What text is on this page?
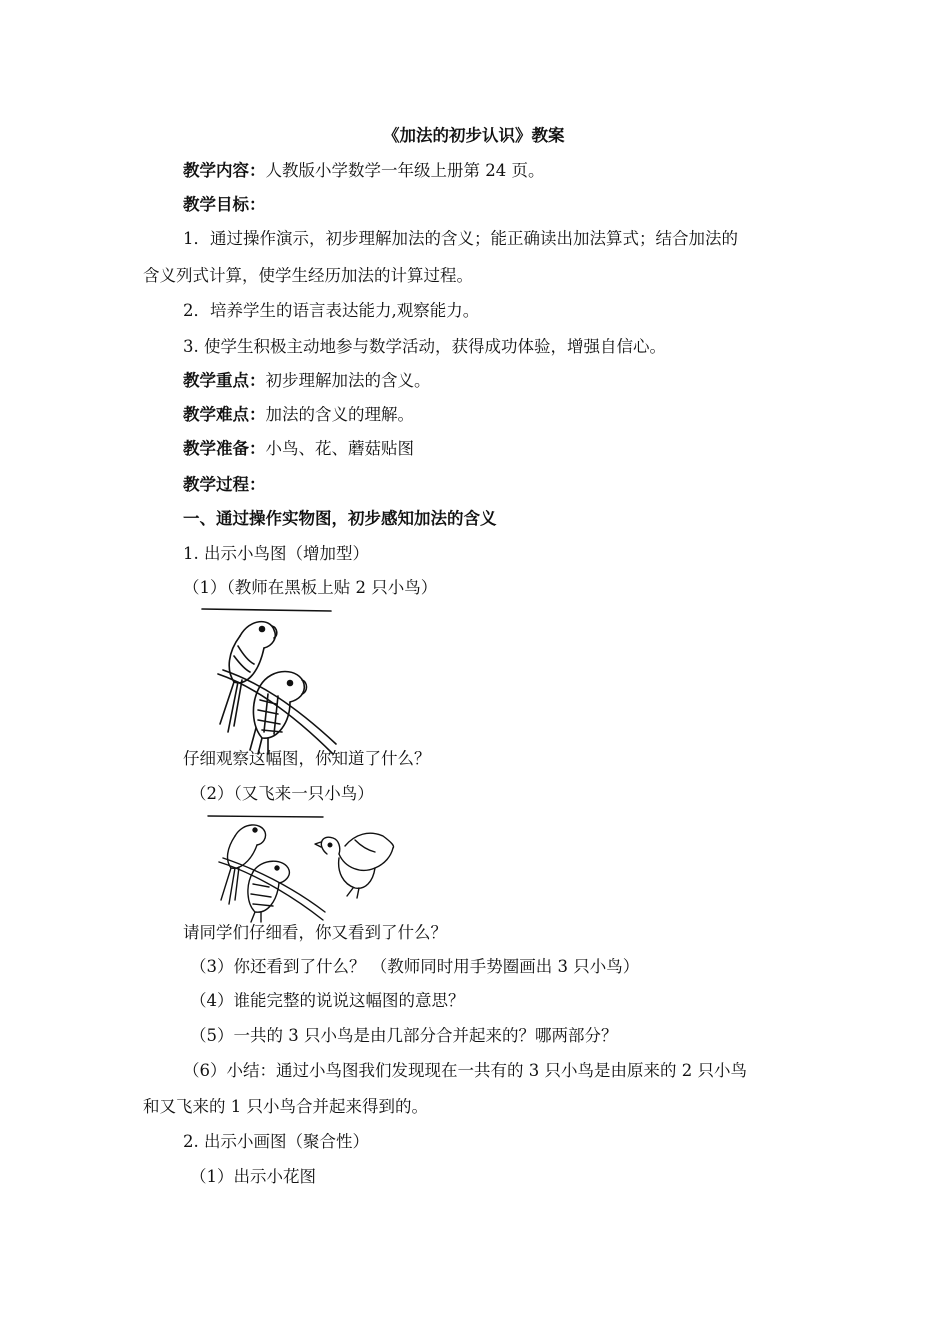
《加法的初步认识》教案

教学内容：人教版小学数学一年级上册第 24 页。

教学目标：

1．通过操作演示，初步理解加法的含义；能正确读出加法算式；结合加法的

含义列式计算，使学生经历加法的计算过程。

2．培养学生的语言表达能力,观察能力。

3. 使学生积极主动地参与数学活动，获得成功体验，增强自信心。

教学重点：初步理解加法的含义。

教学难点：加法的含义的理解。

教学准备：小鸟、花、蘑菇贴图

教学过程：

一、通过操作实物图，初步感知加法的含义

1. 出示小鸟图（增加型）

（1）（教师在黑板上贴 2 只小鸟）

仔细观察这幅图，你知道了什么？

（2）（又飞来一只小鸟）

请同学们仔细看，你又看到了什么？

（3）你还看到了什么？ （教师同时用手势圈画出 3 只小鸟）

（4）谁能完整的说说这幅图的意思？

（5）一共的 3 只小鸟是由几部分合并起来的？哪两部分？

（6）小结：通过小鸟图我们发现现在一共有的 3 只小鸟是由原来的 2 只小鸟

和又飞来的 1 只小鸟合并起来得到的。

2. 出示小画图（聚合性）

（1）出示小花图
